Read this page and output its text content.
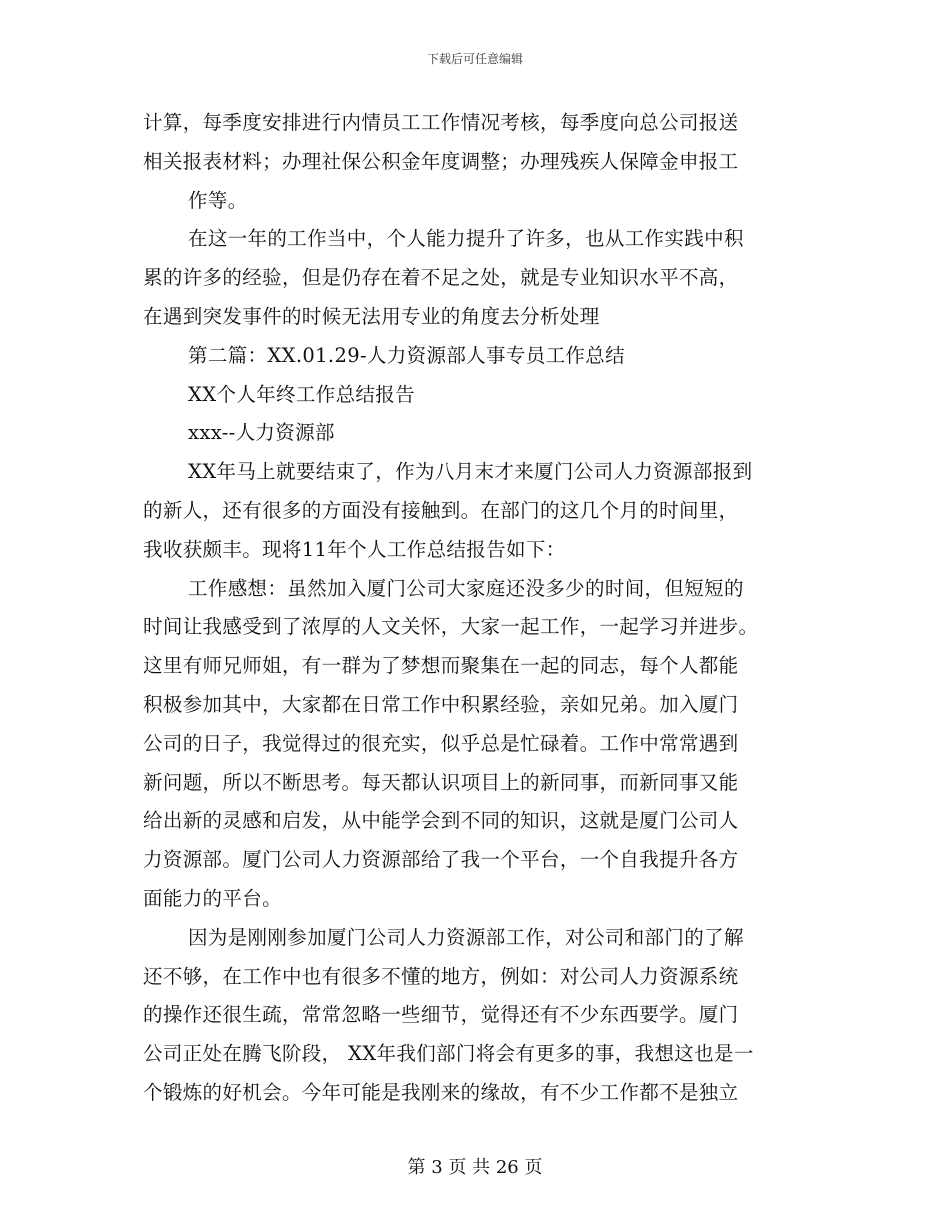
下载后可任意编辑
计算，每季度安排进行内情员工工作情况考核，每季度向总公司报送
相关报表材料；办理社保公积金年度调整；办理残疾人保障金申报工
作等。
在这一年的工作当中，个人能力提升了许多，也从工作实践中积
累的许多的经验，但是仍存在着不足之处，就是专业知识水平不高，
在遇到突发事件的时候无法用专业的角度去分析处理
第二篇：XX.01.29-人力资源部人事专员工作总结
XX个人年终工作总结报告
xxx--人力资源部
XX年马上就要结束了，作为八月末才来厦门公司人力资源部报到
的新人，还有很多的方面没有接触到。在部门的这几个月的时间里，
我收获颇丰。现将11年个人工作总结报告如下：
工作感想：虽然加入厦门公司大家庭还没多少的时间，但短短的
时间让我感受到了浓厚的人文关怀，大家一起工作，一起学习并进步。
这里有师兄师姐，有一群为了梦想而聚集在一起的同志，每个人都能
积极参加其中，大家都在日常工作中积累经验，亲如兄弟。加入厦门
公司的日子，我觉得过的很充实，似乎总是忙碌着。工作中常常遇到
新问题，所以不断思考。每天都认识项目上的新同事，而新同事又能
给出新的灵感和启发，从中能学会到不同的知识，这就是厦门公司人
力资源部。厦门公司人力资源部给了我一个平台，一个自我提升各方
面能力的平台。
因为是刚刚参加厦门公司人力资源部工作，对公司和部门的了解
还不够，在工作中也有很多不懂的地方，例如：对公司人力资源系统
的操作还很生疏，常常忽略一些细节，觉得还有不少东西要学。厦门
公司正处在腾飞阶段， XX年我们部门将会有更多的事，我想这也是一
个锻炼的好机会。今年可能是我刚来的缘故，有不少工作都不是独立
第 3 页 共 26 页
